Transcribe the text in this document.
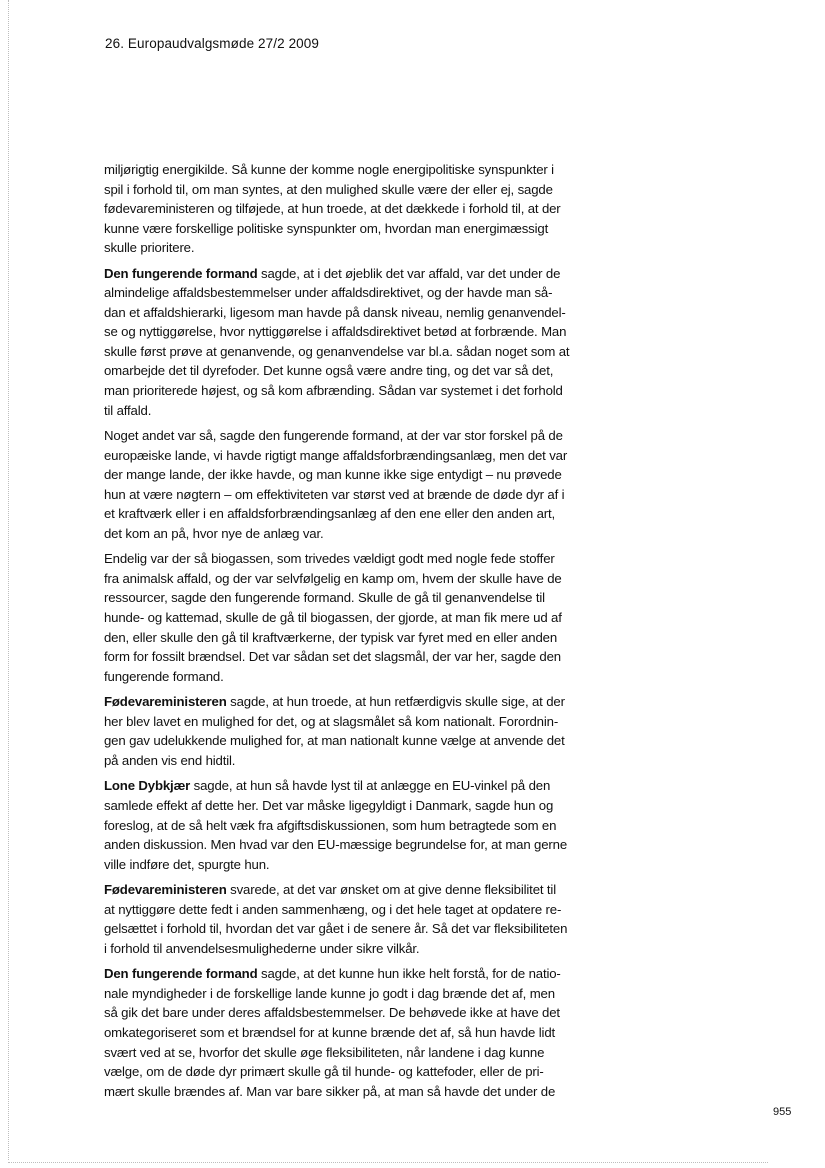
26. Europaudvalgsmøde 27/2 2009
miljørigtig energikilde. Så kunne der komme nogle energipolitiske synspunkter i
spil i forhold til, om man syntes, at den mulighed skulle være der eller ej, sagde
fødevareministeren og tilføjede, at hun troede, at det dækkede i forhold til, at der
kunne være forskellige politiske synspunkter om, hvordan man energimæssigt
skulle prioritere.
Den fungerende formand sagde, at i det øjeblik det var affald, var det under de
almindelige affaldsbestemmelser under affaldsdirektivet, og der havde man så-
dan et affaldshierarki, ligesom man havde på dansk niveau, nemlig genanvendel-
se og nyttiggørelse, hvor nyttiggørelse i affaldsdirektivet betød at forbrænde. Man
skulle først prøve at genanvende, og genanvendelse var bl.a. sådan noget som at
omarbejde det til dyrefoder. Det kunne også være andre ting, og det var så det,
man prioriterede højest, og så kom afbrænding. Sådan var systemet i det forhold
til affald.
Noget andet var så, sagde den fungerende formand, at der var stor forskel på de
europæiske lande, vi havde rigtigt mange affaldsforbrændingsanlæg, men det var
der mange lande, der ikke havde, og man kunne ikke sige entydigt – nu prøvede
hun at være nøgtern – om effektiviteten var størst ved at brænde de døde dyr af i
et kraftværk eller i en affaldsforbrændingsanlæg af den ene eller den anden art,
det kom an på, hvor nye de anlæg var.
Endelig var der så biogassen, som trivedes vældigt godt med nogle fede stoffer
fra animalsk affald, og der var selvfølgelig en kamp om, hvem der skulle have de
ressourcer, sagde den fungerende formand. Skulle de gå til genanvendelse til
hunde- og kattemad, skulle de gå til biogassen, der gjorde, at man fik mere ud af
den, eller skulle den gå til kraftværkerne, der typisk var fyret med en eller anden
form for fossilt brændsel. Det var sådan set det slagsmål, der var her, sagde den
fungerende formand.
Fødevareministeren sagde, at hun troede, at hun retfærdigvis skulle sige, at der
her blev lavet en mulighed for det, og at slagsmålet så kom nationalt. Forordnin-
gen gav udelukkende mulighed for, at man nationalt kunne vælge at anvende det
på anden vis end hidtil.
Lone Dybkjær sagde, at hun så havde lyst til at anlægge en EU-vinkel på den
samlede effekt af dette her. Det var måske ligegyldigt i Danmark, sagde hun og
foreslog, at de så helt væk fra afgiftsdiskussionen, som hum betragtede som en
anden diskussion. Men hvad var den EU-mæssige begrundelse for, at man gerne
ville indføre det, spurgte hun.
Fødevareministeren svarede, at det var ønsket om at give denne fleksibilitet til
at nyttiggøre dette fedt i anden sammenhæng, og i det hele taget at opdatere re-
gelsættet i forhold til, hvordan det var gået i de senere år. Så det var fleksibiliteten
i forhold til anvendelsesmulighederne under sikre vilkår.
Den fungerende formand sagde, at det kunne hun ikke helt forstå, for de natio-
nale myndigheder i de forskellige lande kunne jo godt i dag brænde det af, men
så gik det bare under deres affaldsbestemmelser. De behøvede ikke at have det
omkategoriseret som et brændsel for at kunne brænde det af, så hun havde lidt
svært ved at se, hvorfor det skulle øge fleksibiliteten, når landene i dag kunne
vælge, om de døde dyr primært skulle gå til hunde- og kattefoder, eller de pri-
mært skulle brændes af. Man var bare sikker på, at man så havde det under de
955
